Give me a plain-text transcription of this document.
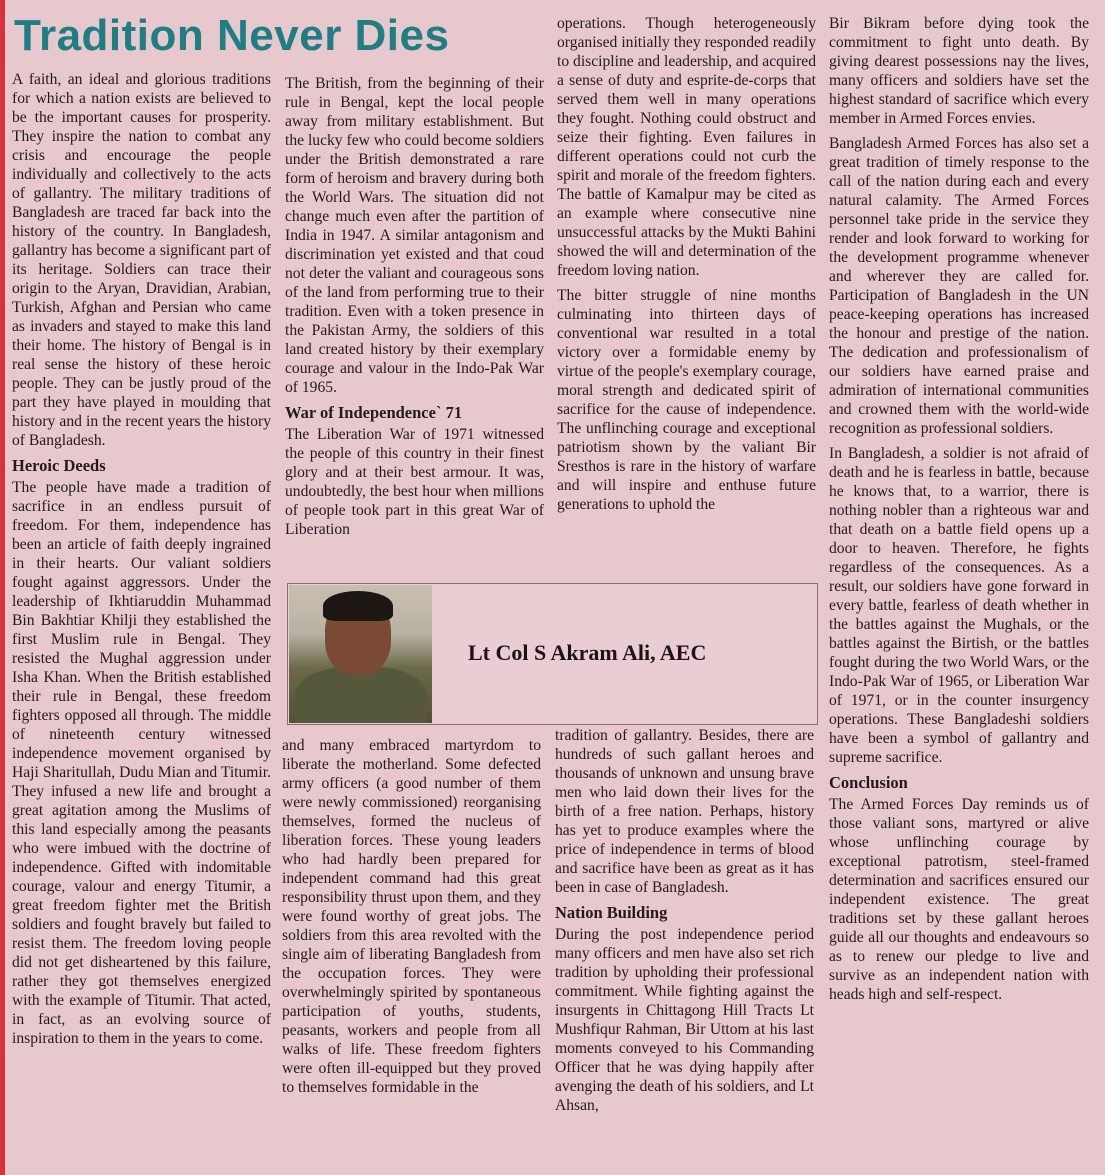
Tradition Never Dies

A faith, an ideal and glorious traditions for which a nation exists are believed to be the important causes for prosperity. They inspire the nation to combat any crisis and encourage the people individually and collectively to the acts of gallantry. The military traditions of Bangladesh are traced far back into the history of the country. In Bangladesh, gallantry has become a significant part of its heritage. Soldiers can trace their origin to the Aryan, Dravidian, Arabian, Turkish, Afghan and Persian who came as invaders and stayed to make this land their home. The history of Bengal is in real sense the history of these heroic people. They can be justly proud of the part they have played in moulding that history and in the recent years the history of Bangladesh.

Heroic Deeds

The people have made a tradition of sacrifice in an endless pursuit of freedom. For them, independence has been an article of faith deeply ingrained in their hearts. Our valiant soldiers fought against aggressors. Under the leadership of Ikhtiaruddin Muhammad Bin Bakhtiar Khilji they established the first Muslim rule in Bengal. They resisted the Mughal aggression under Isha Khan. When the British established their rule in Bengal, these freedom fighters opposed all through. The middle of nineteenth century witnessed independence movement organised by Haji Sharitullah, Dudu Mian and Titumir. They infused a new life and brought a great agitation among the Muslims of this land especially among the peasants who were imbued with the doctrine of independence. Gifted with indomitable courage, valour and energy Titumir, a great freedom fighter met the British soldiers and fought bravely but failed to resist them. The freedom loving people did not get disheartened by this failure, rather they got themselves energized with the example of Titumir. That acted, in fact, as an evolving source of inspiration to them in the years to come.

The British, from the beginning of their rule in Bengal, kept the local people away from military establishment. But the lucky few who could become soldiers under the British demonstrated a rare form of heroism and bravery during both the World Wars. The situation did not change much even after the partition of India in 1947. A similar antagonism and discrimination yet existed and that coud not deter the valiant and courageous sons of the land from performing true to their tradition. Even with a token presence in the Pakistan Army, the soldiers of this land created history by their exemplary courage and valour in the Indo-Pak War of 1965.

War of Independence` 71

The Liberation War of 1971 witnessed the people of this country in their finest glory and at their best armour. It was, undoubtedly, the best hour when millions of people took part in this great War of Liberation

operations. Though heterogeneously organised initially they responded readily to discipline and leadership, and acquired a sense of duty and esprite-de-corps that served them well in many operations they fought. Nothing could obstruct and seize their fighting. Even failures in different operations could not curb the spirit and morale of the freedom fighters. The battle of Kamalpur may be cited as an example where consecutive nine unsuccessful attacks by the Mukti Bahini showed the will and determination of the freedom loving nation.

The bitter struggle of nine months culminating into thirteen days of conventional war resulted in a total victory over a formidable enemy by virtue of the people's exemplary courage, moral strength and dedicated spirit of sacrifice for the cause of independence. The unflinching courage and exceptional patriotism shown by the valiant Bir Sresthos is rare in the history of warfare and will inspire and enthuse future generations to uphold the

Lt Col S Akram Ali, AEC

and many embraced martyrdom to liberate the motherland. Some defected army officers (a good number of them were newly commissioned) reorganising themselves, formed the nucleus of liberation forces. These young leaders who had hardly been prepared for independent command had this great responsibility thrust upon them, and they were found worthy of great jobs. The soldiers from this area revolted with the single aim of liberating Bangladesh from the occupation forces. They were overwhelmingly spirited by spontaneous participation of youths, students, peasants, workers and people from all walks of life. These freedom fighters were often ill-equipped but they proved to themselves formidable in the

tradition of gallantry. Besides, there are hundreds of such gallant heroes and thousands of unknown and unsung brave men who laid down their lives for the birth of a free nation. Perhaps, history has yet to produce examples where the price of independence in terms of blood and sacrifice have been as great as it has been in case of Bangladesh.

Nation Building

During the post independence period many officers and men have also set rich tradition by upholding their professional commitment. While fighting against the insurgents in Chittagong Hill Tracts Lt Mushfiqur Rahman, Bir Uttom at his last moments conveyed to his Commanding Officer that he was dying happily after avenging the death of his soldiers, and Lt Ahsan,

Bir Bikram before dying took the commitment to fight unto death. By giving dearest possessions nay the lives, many officers and soldiers have set the highest standard of sacrifice which every member in Armed Forces envies.

Bangladesh Armed Forces has also set a great tradition of timely response to the call of the nation during each and every natural calamity. The Armed Forces personnel take pride in the service they render and look forward to working for the development programme whenever and wherever they are called for. Participation of Bangladesh in the UN peace-keeping operations has increased the honour and prestige of the nation. The dedication and professionalism of our soldiers have earned praise and admiration of international communities and crowned them with the world-wide recognition as professional soldiers.

In Bangladesh, a soldier is not afraid of death and he is fearless in battle, because he knows that, to a warrior, there is nothing nobler than a righteous war and that death on a battle field opens up a door to heaven. Therefore, he fights regardless of the consequences. As a result, our soldiers have gone forward in every battle, fearless of death whether in the battles against the Mughals, or the battles against the Birtish, or the battles fought during the two World Wars, or the Indo-Pak War of 1965, or Liberation War of 1971, or in the counter insurgency operations. These Bangladeshi soldiers have been a symbol of gallantry and supreme sacrifice.

Conclusion

The Armed Forces Day reminds us of those valiant sons, martyred or alive whose unflinching courage by exceptional patrotism, steel-framed determination and sacrifices ensured our independent existence. The great traditions set by these gallant heroes guide all our thoughts and endeavours so as to renew our pledge to live and survive as an independent nation with heads high and self-respect.
